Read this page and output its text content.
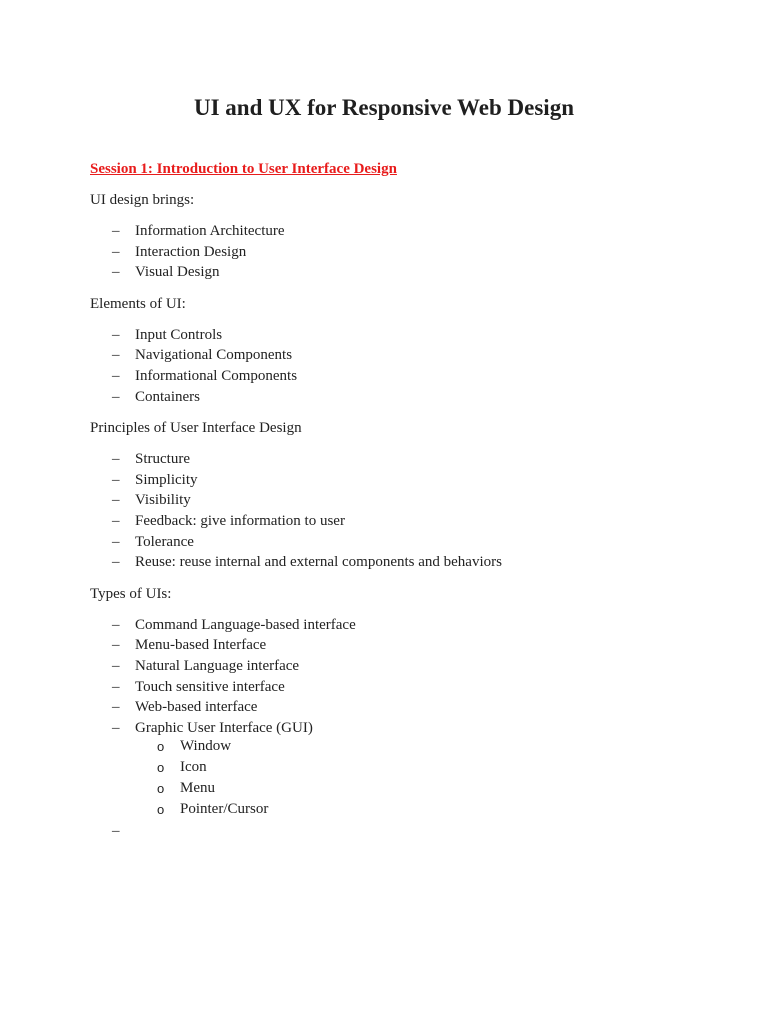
UI and UX for Responsive Web Design
Session 1: Introduction to User Interface Design

UI design brings:

– Information Architecture
– Interaction Design
– Visual Design

Elements of UI:

– Input Controls
– Navigational Components
– Informational Components
– Containers

Principles of User Interface Design

– Structure
– Simplicity
– Visibility
– Feedback: give information to user
– Tolerance
– Reuse: reuse internal and external components and behaviors

Types of UIs:

– Command Language-based interface
– Menu-based Interface
– Natural Language interface
– Touch sensitive interface
– Web-based interface
– Graphic User Interface (GUI)
o Window
o Icon
o Menu
o Pointer/Cursor
–
